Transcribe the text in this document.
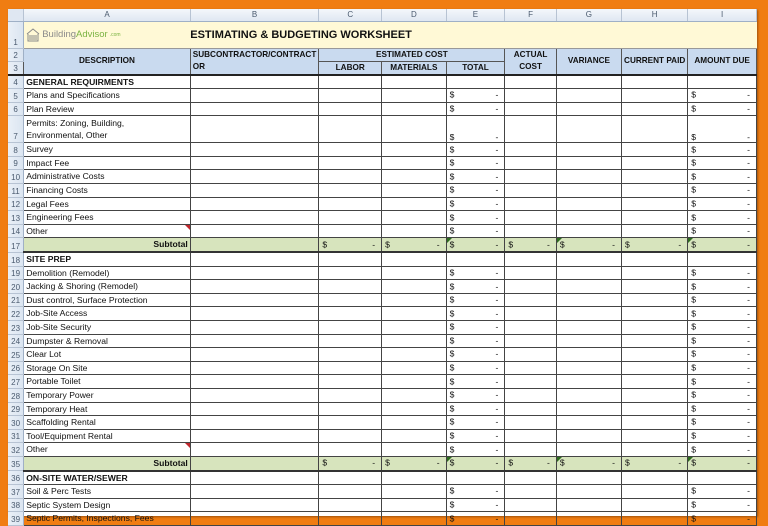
	A	B	C	D	E	F	G	H	I
1	Building Advisor .com	ESTIMATING & BUDGETING WORKSHEET							
2	DESCRIPTION	SUBCONTRACTOR/CONTRACT	ESTIMATED COST			ACTUAL	VARIANCE	CURRENT PAID	AMOUNT DUE
3		OR	LABOR	MATERIALS	TOTAL	COST			
4	GENERAL REQUIRMENTS								
5	Plans and Specifications				$ -				$ -

6	Plan Review				$ -				$ -

7	Permits: Zoning, Building,
Environmental, Other				$ -				$ -

8	Survey				$ -				$ -

9	Impact Fee				$ -				$ -

10	Administrative Costs				$ -				$ -

11	Financing Costs				$ -				$ -

12	Legal Fees				$ -				$ -

13	Engineering Fees				$ -				$ -

14	Other				$ -				$ -

17	Subtotal		$ -	$ -	$ -	$ -	$ -	$ -	$ -

18	SITE PREP								
19	Demolition (Remodel)				$ -				$ -

20	Jacking & Shoring (Remodel)				$ -				$ -

21	Dust control, Surface Protection				$ -				$ -

22	Job-Site Access				$ -				$ -

23	Job-Site Security				$ -				$ -

24	Dumpster & Removal				$ -				$ -

25	Clear Lot				$ -				$ -

26	Storage On Site				$ -				$ -

27	Portable Toilet				$ -				$ -

28	Temporary Power				$ -				$ -

29	Temporary Heat				$ -				$ -

30	Scaffolding Rental				$ -				$ -

31	Tool/Equipment Rental				$ -				$ -

32	Other				$ -				$ -

35	Subtotal		$ -	$ -	$ -	$ -	$ -	$ -	$ -

36	ON-SITE WATER/SEWER								
37	Soil & Perc Tests				$ -				$ -

38	Septic System Design				$ -				$ -

39	Septic Permits, Inspections, Fees				$ -				$ -
